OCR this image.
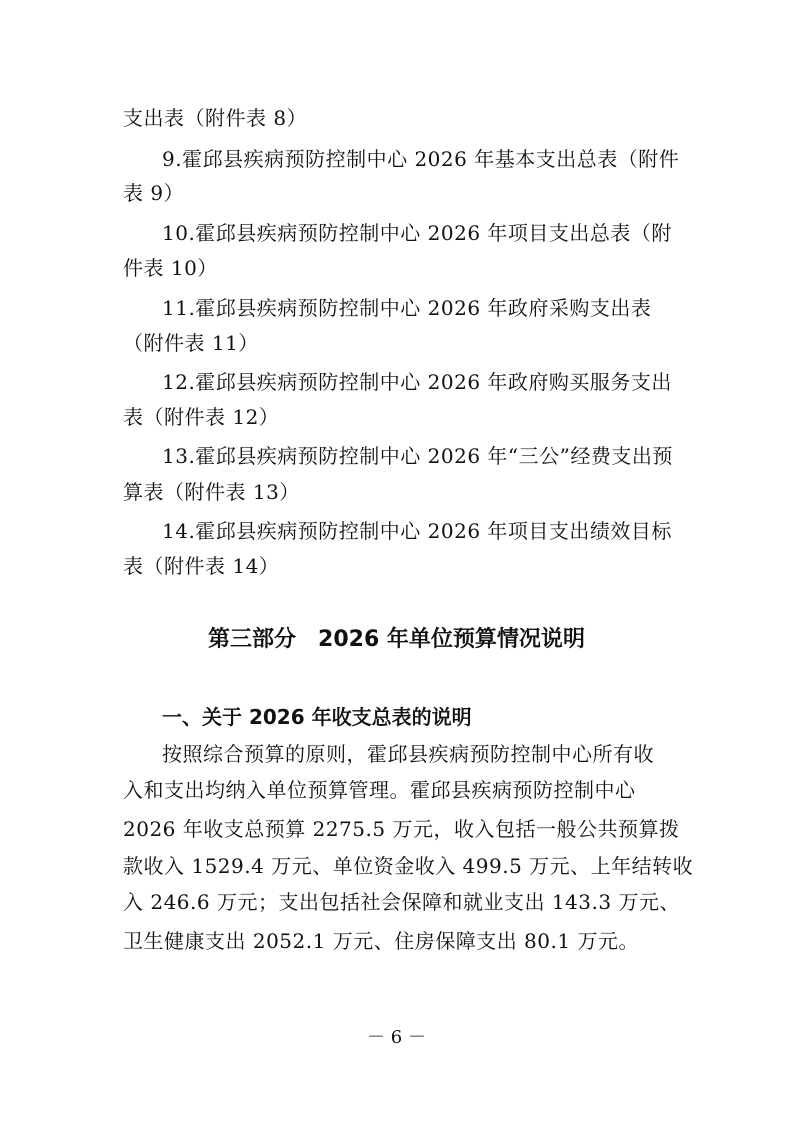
支出表（附件表 8）
9.霍邱县疾病预防控制中心 2026 年基本支出总表（附件
表 9）
10.霍邱县疾病预防控制中心 2026 年项目支出总表（附
件表 10）
11.霍邱县疾病预防控制中心 2026 年政府采购支出表
（附件表 11）
12.霍邱县疾病预防控制中心 2026 年政府购买服务支出
表（附件表 12）
13.霍邱县疾病预防控制中心 2026 年“三公”经费支出预
算表（附件表 13）
14.霍邱县疾病预防控制中心 2026 年项目支出绩效目标
表（附件表 14）
第三部分　2026 年单位预算情况说明
一、关于 2026 年收支总表的说明
按照综合预算的原则，霍邱县疾病预防控制中心所有收
入和支出均纳入单位预算管理。霍邱县疾病预防控制中心
2026 年收支总预算 2275.5 万元，收入包括一般公共预算拨
款收入 1529.4 万元、单位资金收入 499.5 万元、上年结转收
入 246.6 万元；支出包括社会保障和就业支出 143.3 万元、
卫生健康支出 2052.1 万元、住房保障支出 80.1 万元。
－ 6 －
